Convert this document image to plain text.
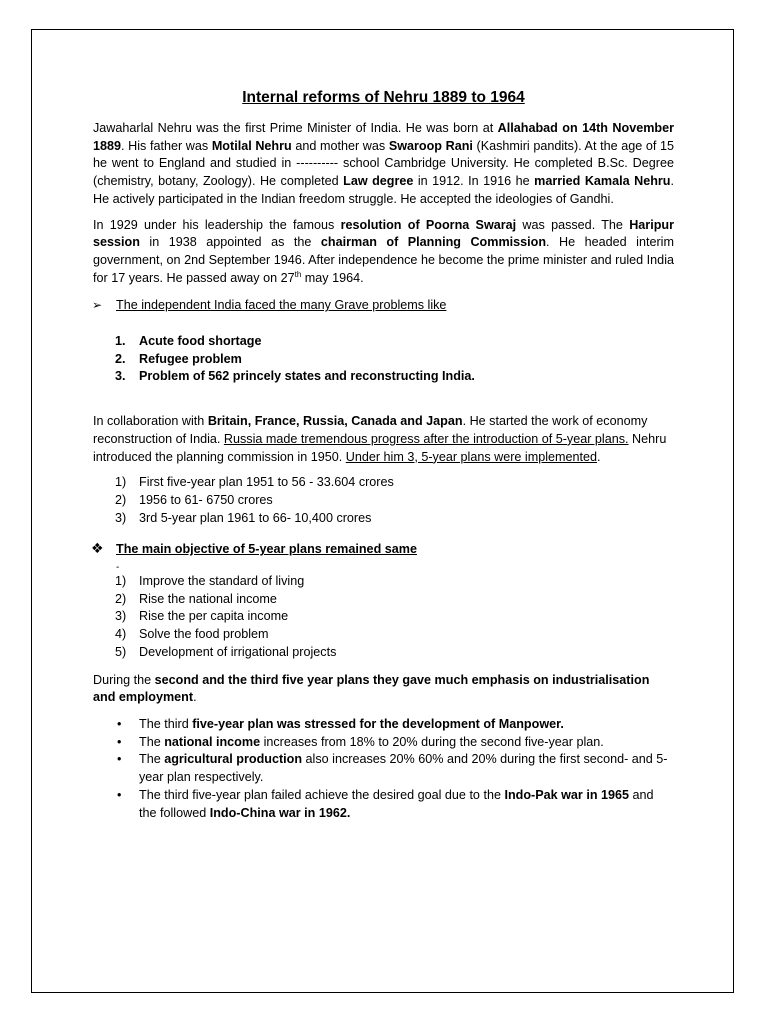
Internal reforms of Nehru 1889 to 1964

Jawaharlal Nehru was the first Prime Minister of India. He was born at Allahabad on 14th November 1889. His father was Motilal Nehru and mother was Swaroop Rani (Kashmiri pandits). At the age of 15 he went to England and studied in ---------- school Cambridge University. He completed B.Sc. Degree (chemistry, botany, Zoology). He completed Law degree in 1912. In 1916 he married Kamala Nehru. He actively participated in the Indian freedom struggle. He accepted the ideologies of Gandhi.

In 1929 under his leadership the famous resolution of Poorna Swaraj was passed. The Haripur session in 1938 appointed as the chairman of Planning Commission. He headed interim government, on 2nd September 1946. After independence he become the prime minister and ruled India for 17 years. He passed away on 27th may 1964.

➢ The independent India faced the many Grave problems like
1. Acute food shortage
2. Refugee problem
3. Problem of 562 princely states and reconstructing India.

In collaboration with Britain, France, Russia, Canada and Japan. He started the work of economy reconstruction of India. Russia made tremendous progress after the introduction of 5-year plans. Nehru introduced the planning commission in 1950. Under him 3, 5-year plans were implemented.

1) First five-year plan 1951 to 56 - 33.604 crores
2) 1956 to 61- 6750 crores
3) 3rd 5-year plan 1961 to 66- 10,400 crores
❖ The main objective of 5-year plans remained same
-
1) Improve the standard of living
2) Rise the national income
3) Rise the per capita income
4) Solve the food problem
5) Development of irrigational projects

During the second and the third five year plans they gave much emphasis on industrialisation and employment.

• The third five-year plan was stressed for the development of Manpower.
• The national income increases from 18% to 20% during the second five-year plan.
• The agricultural production also increases 20% 60% and 20% during the first second- and 5-year plan respectively.
• The third five-year plan failed achieve the desired goal due to the Indo-Pak war in 1965 and the followed Indo-China war in 1962.
